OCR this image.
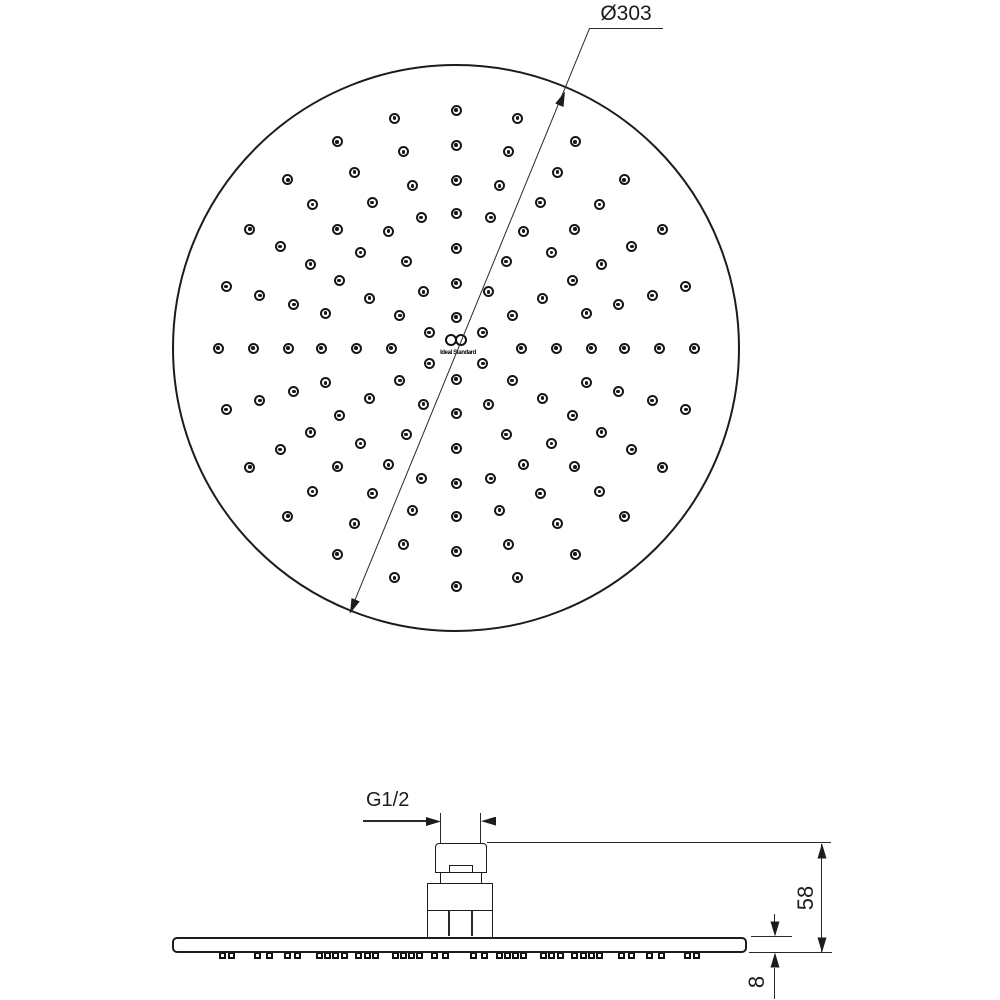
Ideal Standard
Ø303
G1/2
58
8
